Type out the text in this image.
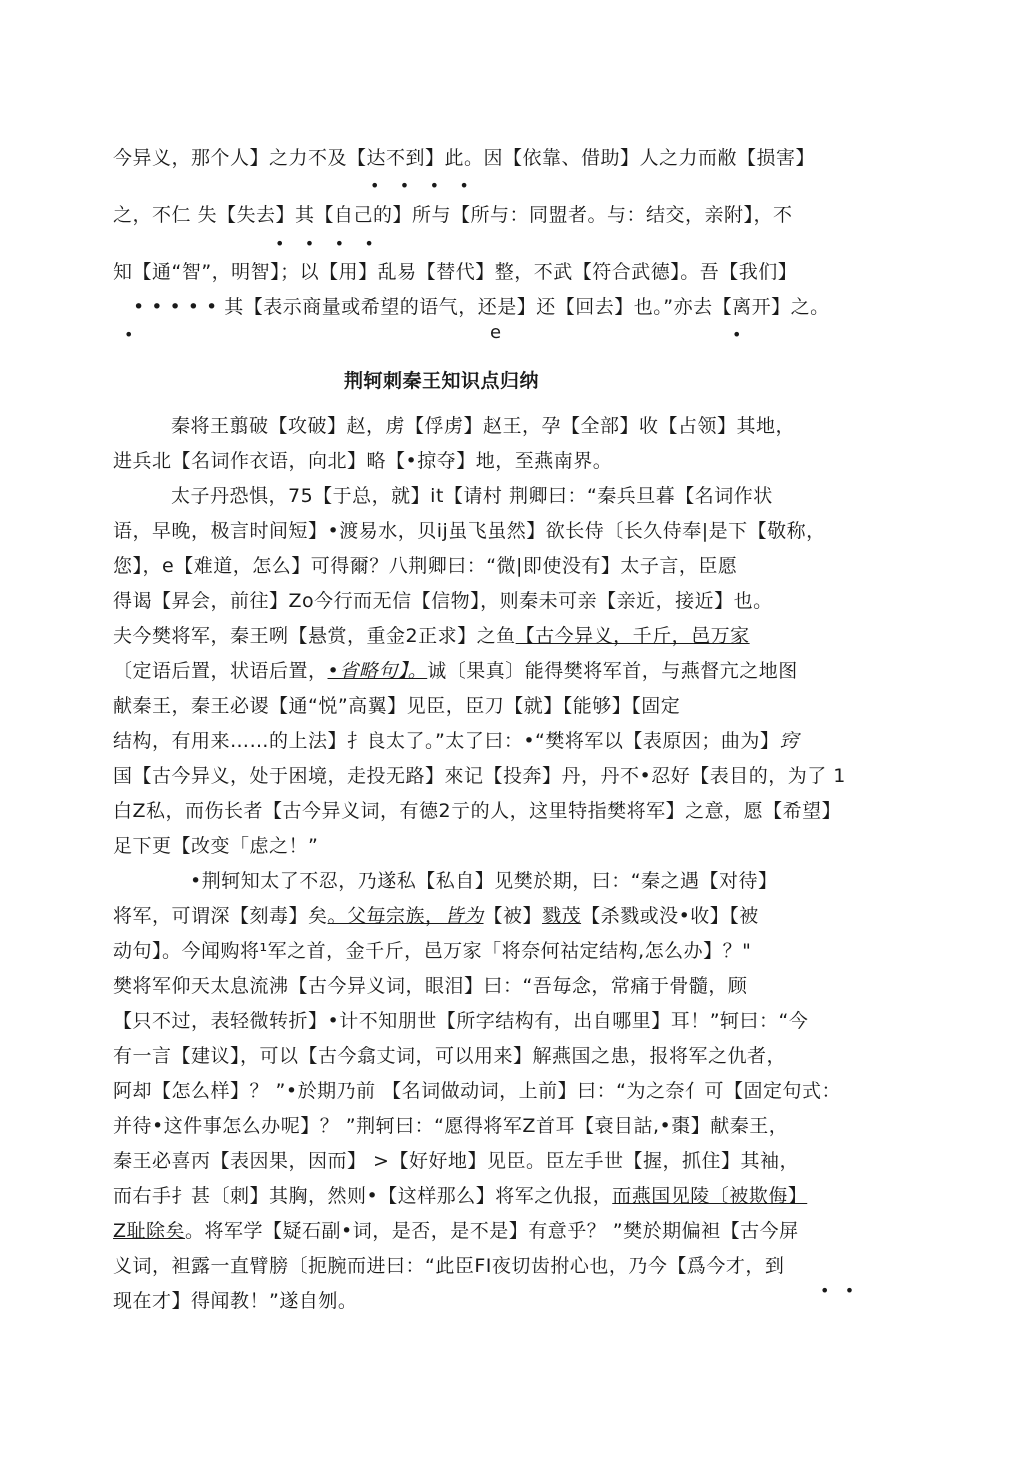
今异义，那个人】之力不及【达不到】此。因【依靠、借助】人之力而敝【损害】
•    •    •    •
之，不仁 失【失去】其【自己的】所与【所与：同盟者。与：结交，亲附】，不
•    •    •    •
知【通“智”，明智】；以【用】乱易【替代】整，不武【符合武德】。吾【我们】
• • • • • 其【表示商量或希望的语气，还是】还【回去】也。”亦去【离开】之。
•	e	•
荆轲刺秦王知识点归纳
秦将王翦破【攻破】赵，虏【俘虏】赵王，孕【全部】收【占领】其地，
进兵北【名词作衣语，向北】略【•掠夺】地，至燕南界。
太子丹恐惧，75【于总，就】it【请村 荆卿曰：“秦兵旦暮【名词作状
语，早晚，极言时间短】•渡易水，贝ij虽飞虽然】欲长侍〔长久侍奉|是下【敬称，
您】，e【难道，怎么】可得爾？八荆卿曰：“微|即使没有】太子言，臣愿
得谒【昇会，前往】Zo今行而无信【信物】，则秦未可亲【亲近，接近】也。
夫今樊将军，秦王咧【悬赏，重金2正求】之鱼【古今异义，千斤，邑万家
〔定语后置，状语后置，•省略句】。诚〔果真〕能得樊将军首，与燕督亢之地图
献秦王，秦王必谡【通“悦”高翼】见臣，臣刀【就】【能够】【固定
结构，有用来……的上法】扌良太了。”太了曰：•“樊将军以【表原因；曲为】窍
国【古今异义，处于困境，走投无路】來记【投奔】丹，丹不•忍好【表目的，为了 1
白Z私，而伤长者【古今异义词，有德2亍的人，这里特指樊将军】之意，愿【希望】
足下更【改变「虑之！”
•荆轲知太了不忍，乃遂私【私自】见樊於期，曰：“秦之遇【对待】
将军，可谓深【刻毒】矣。父毎宗族，皆为【被】戮茂【杀戮或没•收】【被
动句】。今闻购将¹军之首，金千斤，邑万家「将奈何祜定结构,怎么办】？"
樊将军仰天太息流沸【古今异义词，眼泪】曰：“吾毎念，常痛于骨髓，顾
【只不过，表轻微转折】•计不知朋世【所字结构有，出自哪里】耳！”轲曰：“今
有一言【建议】，可以【古今翕丈词，可以用来】解燕国之患，报将军之仇者，
阿却【怎么样】？ ”•於期乃前 【名词做动词，上前】曰：“为之奈亻可【固定句式：
并待•这件事怎么办呢】？ ”荆轲曰：“愿得将军Z首耳【衰目詁,•棗】献秦王，
秦王必喜丙【表因果，因而】 >【好好地】见臣。臣左手世【握，抓住】其袖，
而右手扌甚〔刺】其胸，然则•【这样那么】将军之仇报，而燕国见陵〔被欺侮】
Z耻除矣。将军学【疑石副•词，是否，是不是】有意乎？ ”樊於期偏袒【古今屏
义词，袒露一直臂膀〔扼腕而进曰：“此臣FI夜切齿拊心也，乃今【爲今才，到
现在才】得闻教！”遂自刎。	•   •
